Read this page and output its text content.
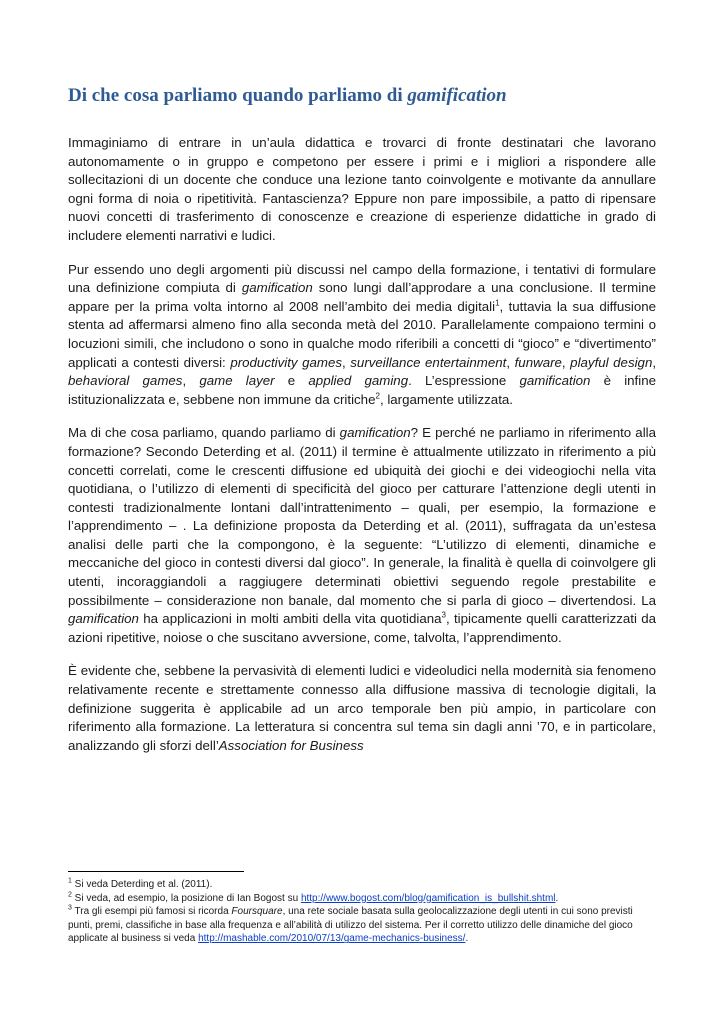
Di che cosa parliamo quando parliamo di gamification

Immaginiamo di entrare in un’aula didattica e trovarci di fronte destinatari che lavorano autonomamente o in gruppo e competono per essere i primi e i migliori a rispondere alle sollecitazioni di un docente che conduce una lezione tanto coinvolgente e motivante da annullare ogni forma di noia o ripetitività. Fantascienza? Eppure non pare impossibile, a patto di ripensare nuovi concetti di trasferimento di conoscenze e creazione di esperienze didattiche in grado di includere elementi narrativi e ludici.

Pur essendo uno degli argomenti più discussi nel campo della formazione, i tentativi di formulare una definizione compiuta di gamification sono lungi dall’approdare a una conclusione. Il termine appare per la prima volta intorno al 2008 nell’ambito dei media digitali$^1$, tuttavia la sua diffusione stenta ad affermarsi almeno fino alla seconda metà del 2010. Parallelamente compaiono termini o locuzioni simili, che includono o sono in qualche modo riferibili a concetti di “gioco” e “divertimento” applicati a contesti diversi: productivity games, surveillance entertainment, funware, playful design, behavioral games, game layer e applied gaming. L’espressione gamification è infine istituzionalizzata e, sebbene non immune da critiche$^2$, largamente utilizzata.

Ma di che cosa parliamo, quando parliamo di gamification? E perché ne parliamo in riferimento alla formazione? Secondo Deterding et al. (2011) il termine è attualmente utilizzato in riferimento a più concetti correlati, come le crescenti diffusione ed ubiquità dei giochi e dei videogiochi nella vita quotidiana, o l’utilizzo di elementi di specificità del gioco per catturare l’attenzione degli utenti in contesti tradizionalmente lontani dall’intrattenimento – quali, per esempio, la formazione e l’apprendimento – . La definizione proposta da Deterding et al. (2011), suffragata da un’estesa analisi delle parti che la compongono, è la seguente: “L’utilizzo di elementi, dinamiche e meccaniche del gioco in contesti diversi dal gioco”. In generale, la finalità è quella di coinvolgere gli utenti, incoraggiandoli a raggiugere determinati obiettivi seguendo regole prestabilite e possibilmente – considerazione non banale, dal momento che si parla di gioco – divertendosi. La gamification ha applicazioni in molti ambiti della vita quotidiana$^3$, tipicamente quelli caratterizzati da azioni ripetitive, noiose o che suscitano avversione, come, talvolta, l’apprendimento.

È evidente che, sebbene la pervasività di elementi ludici e videoludici nella modernità sia fenomeno relativamente recente e strettamente connesso alla diffusione massiva di tecnologie digitali, la definizione suggerita è applicabile ad un arco temporale ben più ampio, in particolare con riferimento alla formazione. La letteratura si concentra sul tema sin dagli anni ’70, e in particolare, analizzando gli sforzi dell’Association for Business

$^1$ Si veda Deterding et al. (2011).

$^2$ Si veda, ad esempio, la posizione di Ian Bogost su http://www.bogost.com/blog/gamification_is_bullshit.shtml.

$^3$ Tra gli esempi più famosi si ricorda Foursquare, una rete sociale basata sulla geolocalizzazione degli utenti in cui sono previsti punti, premi, classifiche in base alla frequenza e all’abilità di utilizzo del sistema. Per il corretto utilizzo delle dinamiche del gioco applicate al business si veda http://mashable.com/2010/07/13/game-mechanics-business/.
